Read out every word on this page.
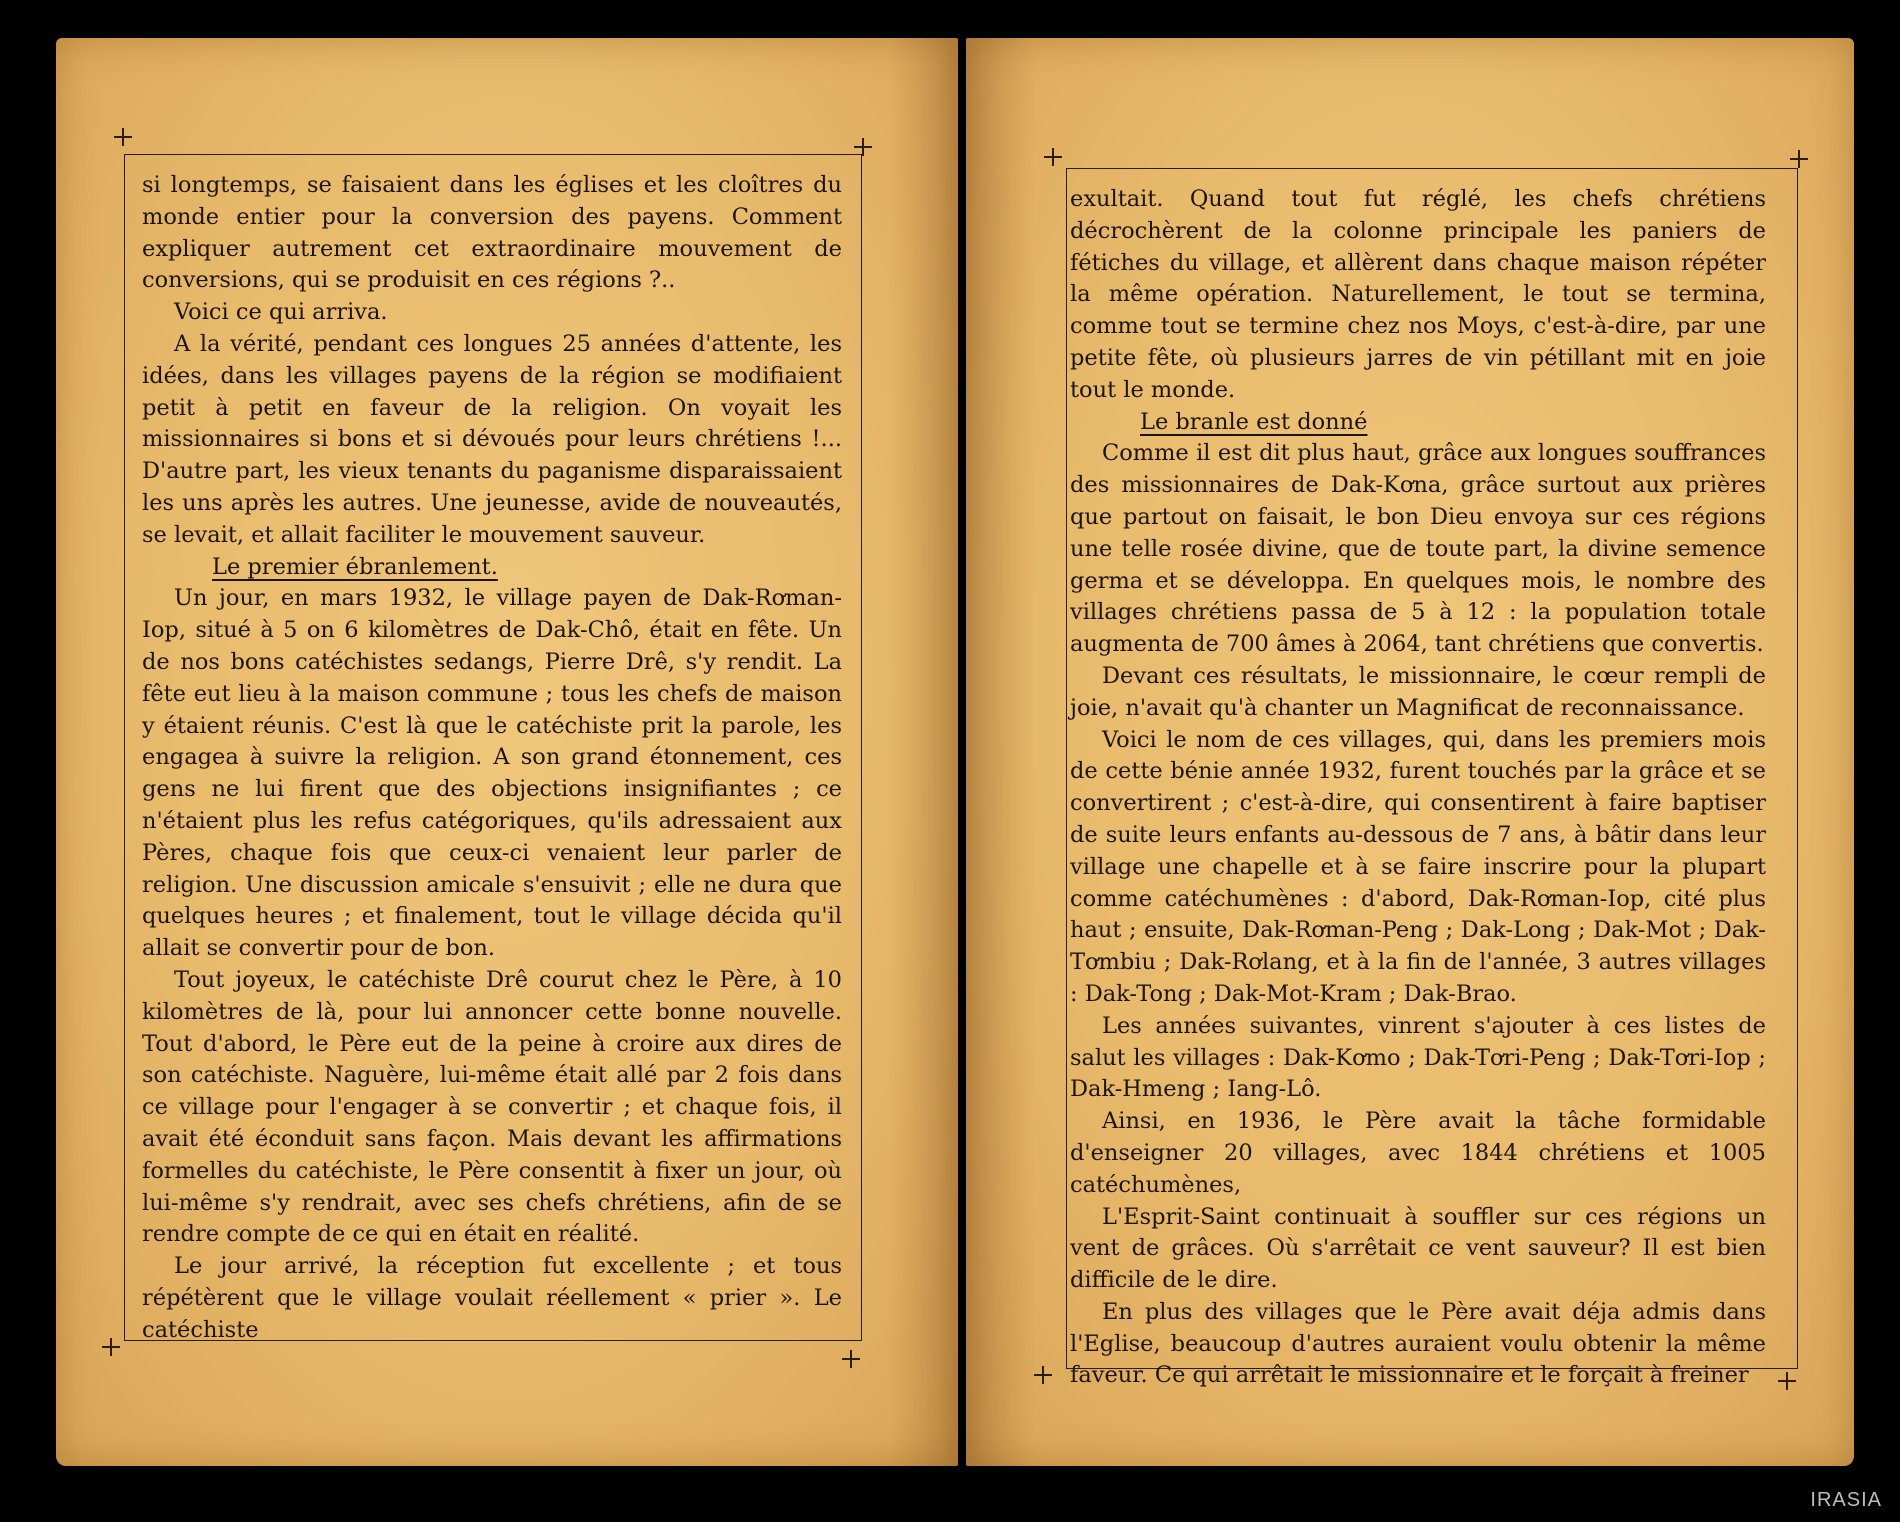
si longtemps, se faisaient dans les églises et les cloîtres du monde entier pour la conversion des payens. Comment expliquer autrement cet extraordinaire mouvement de conversions, qui se produisit en ces régions ?..

Voici ce qui arriva.

A la vérité, pendant ces longues 25 années d'attente, les idées, dans les villages payens de la région se modifiaient petit à petit en faveur de la religion. On voyait les missionnaires si bons et si dévoués pour leurs chrétiens !... D'autre part, les vieux tenants du paganisme disparaissaient les uns après les autres. Une jeunesse, avide de nouveautés, se levait, et allait faciliter le mouvement sauveur.

Le premier ébranlement.

Un jour, en mars 1932, le village payen de Dak-Rơman-Iop, situé à 5 on 6 kilomètres de Dak-Chô, était en fête. Un de nos bons catéchistes sedangs, Pierre Drê, s'y rendit. La fête eut lieu à la maison commune ; tous les chefs de maison y étaient réunis. C'est là que le catéchiste prit la parole, les engagea à suivre la religion. A son grand étonnement, ces gens ne lui firent que des objections insignifiantes ; ce n'étaient plus les refus catégoriques, qu'ils adressaient aux Pères, chaque fois que ceux-ci venaient leur parler de religion. Une discussion amicale s'ensuivit ; elle ne dura que quelques heures ; et finalement, tout le village décida qu'il allait se convertir pour de bon.

Tout joyeux, le catéchiste Drê courut chez le Père, à 10 kilomètres de là, pour lui annoncer cette bonne nouvelle. Tout d'abord, le Père eut de la peine à croire aux dires de son catéchiste. Naguère, lui-même était allé par 2 fois dans ce village pour l'engager à se convertir ; et chaque fois, il avait été éconduit sans façon. Mais devant les affirmations formelles du catéchiste, le Père consentit à fixer un jour, où lui-même s'y rendrait, avec ses chefs chrétiens, afin de se rendre compte de ce qui en était en réalité.

Le jour arrivé, la réception fut excellente ; et tous répétèrent que le village voulait réellement « prier ». Le catéchiste

exultait. Quand tout fut réglé, les chefs chrétiens décrochèrent de la colonne principale les paniers de fétiches du village, et allèrent dans chaque maison répéter la même opération. Naturellement, le tout se termina, comme tout se termine chez nos Moys, c'est-à-dire, par une petite fête, où plusieurs jarres de vin pétillant mit en joie tout le monde.

Le branle est donné

Comme il est dit plus haut, grâce aux longues souffrances des missionnaires de Dak-Kơna, grâce surtout aux prières que partout on faisait, le bon Dieu envoya sur ces régions une telle rosée divine, que de toute part, la divine semence germa et se développa. En quelques mois, le nombre des villages chrétiens passa de 5 à 12 : la population totale augmenta de 700 âmes à 2064, tant chrétiens que convertis.

Devant ces résultats, le missionnaire, le cœur rempli de joie, n'avait qu'à chanter un Magnificat de reconnaissance.

Voici le nom de ces villages, qui, dans les premiers mois de cette bénie année 1932, furent touchés par la grâce et se convertirent ; c'est-à-dire, qui consentirent à faire baptiser de suite leurs enfants au-dessous de 7 ans, à bâtir dans leur village une chapelle et à se faire inscrire pour la plupart comme catéchumènes : d'abord, Dak-Rơman-Iop, cité plus haut ; ensuite, Dak-Rơman-Peng ; Dak-Long ; Dak-Mot ; Dak-Tơmbiu ; Dak-Rơlang, et à la fin de l'année, 3 autres villages : Dak-Tong ; Dak-Mot-Kram ; Dak-Brao.

Les années suivantes, vinrent s'ajouter à ces listes de salut les villages : Dak-Kơmo ; Dak-Tơri-Peng ; Dak-Tơri-Iop ; Dak-Hmeng ; Iang-Lô.

Ainsi, en 1936, le Père avait la tâche formidable d'enseigner 20 villages, avec 1844 chrétiens et 1005 catéchumènes,

L'Esprit-Saint continuait à souffler sur ces régions un vent de grâces. Où s'arrêtait ce vent sauveur? Il est bien difficile de le dire.

En plus des villages que le Père avait déja admis dans l'Eglise, beaucoup d'autres auraient voulu obtenir la même faveur. Ce qui arrêtait le missionnaire et le forçait à freiner

IRASIA
